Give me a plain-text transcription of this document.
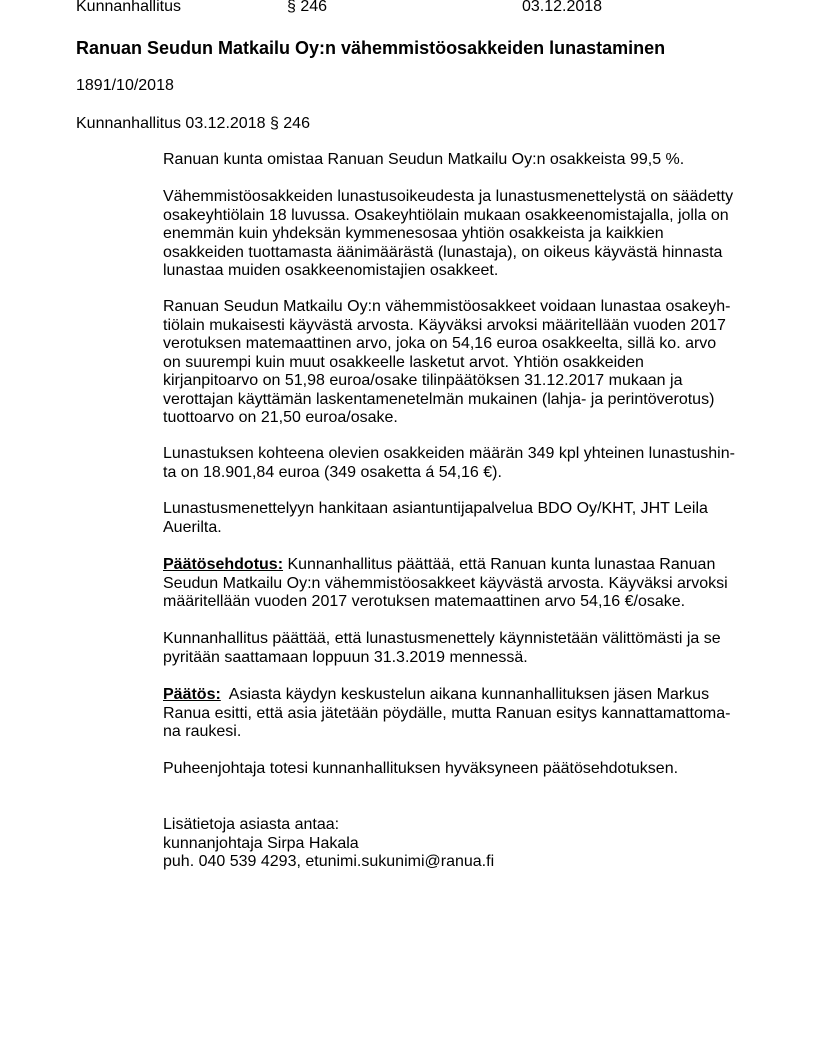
Kunnanhallitus	§ 246	03.12.2018
Ranuan Seudun Matkailu Oy:n vähemmistöosakkeiden lunastaminen
1891/10/2018
Kunnanhallitus 03.12.2018 § 246
Ranuan kunta omistaa Ranuan Seudun Matkailu Oy:n osakkeista 99,5 %.
Vähemmistöosakkeiden lunastusoikeudesta ja lunastusmenettelystä on säädetty
osakeyhtiölain 18 luvussa. Osakeyhtiölain mukaan osakkeenomistajalla, jolla on
enemmän kuin yhdeksän kymmenesosaa yhtiön osakkeista ja kaikkien
osakkeiden tuottamasta äänimäärästä (lunastaja), on oikeus käyvästä hinnasta
lunastaa muiden osakkeenomistajien osakkeet.
Ranuan Seudun Matkailu Oy:n vähemmistöosakkeet voidaan lunastaa osakeyh-
tiölain mukaisesti käyvästä arvosta. Käyväksi arvoksi määritellään vuoden 2017
verotuksen matemaattinen arvo, joka on 54,16 euroa osakkeelta, sillä ko. arvo
on suurempi kuin muut osakkeelle lasketut arvot. Yhtiön osakkeiden
kirjanpitoarvo on 51,98 euroa/osake tilinpäätöksen 31.12.2017 mukaan ja
verottajan käyttämän laskentamenetelmän mukainen (lahja- ja perintöverotus)
tuottoarvo on 21,50 euroa/osake.
Lunastuksen kohteena olevien osakkeiden määrän 349 kpl yhteinen lunastushin-
ta on 18.901,84 euroa (349 osaketta á 54,16 €).
Lunastusmenettelyyn hankitaan asiantuntijapalvelua BDO Oy/KHT, JHT Leila
Auerilta.
Päätösehdotus: Kunnanhallitus päättää, että Ranuan kunta lunastaa Ranuan
Seudun Matkailu Oy:n vähemmistöosakkeet käyvästä arvosta. Käyväksi arvoksi
määritellään vuoden 2017 verotuksen matemaattinen arvo 54,16 €/osake.
Kunnanhallitus päättää, että lunastusmenettely käynnistetään välittömästi ja se
pyritään saattamaan loppuun 31.3.2019 mennessä.
Päätös:  Asiasta käydyn keskustelun aikana kunnanhallituksen jäsen Markus
Ranua esitti, että asia jätetään pöydälle, mutta Ranuan esitys kannattamattoma-
na raukesi.
Puheenjohtaja totesi kunnanhallituksen hyväksyneen päätösehdotuksen.
Lisätietoja asiasta antaa:
kunnanjohtaja Sirpa Hakala
puh. 040 539 4293, etunimi.sukunimi@ranua.fi
